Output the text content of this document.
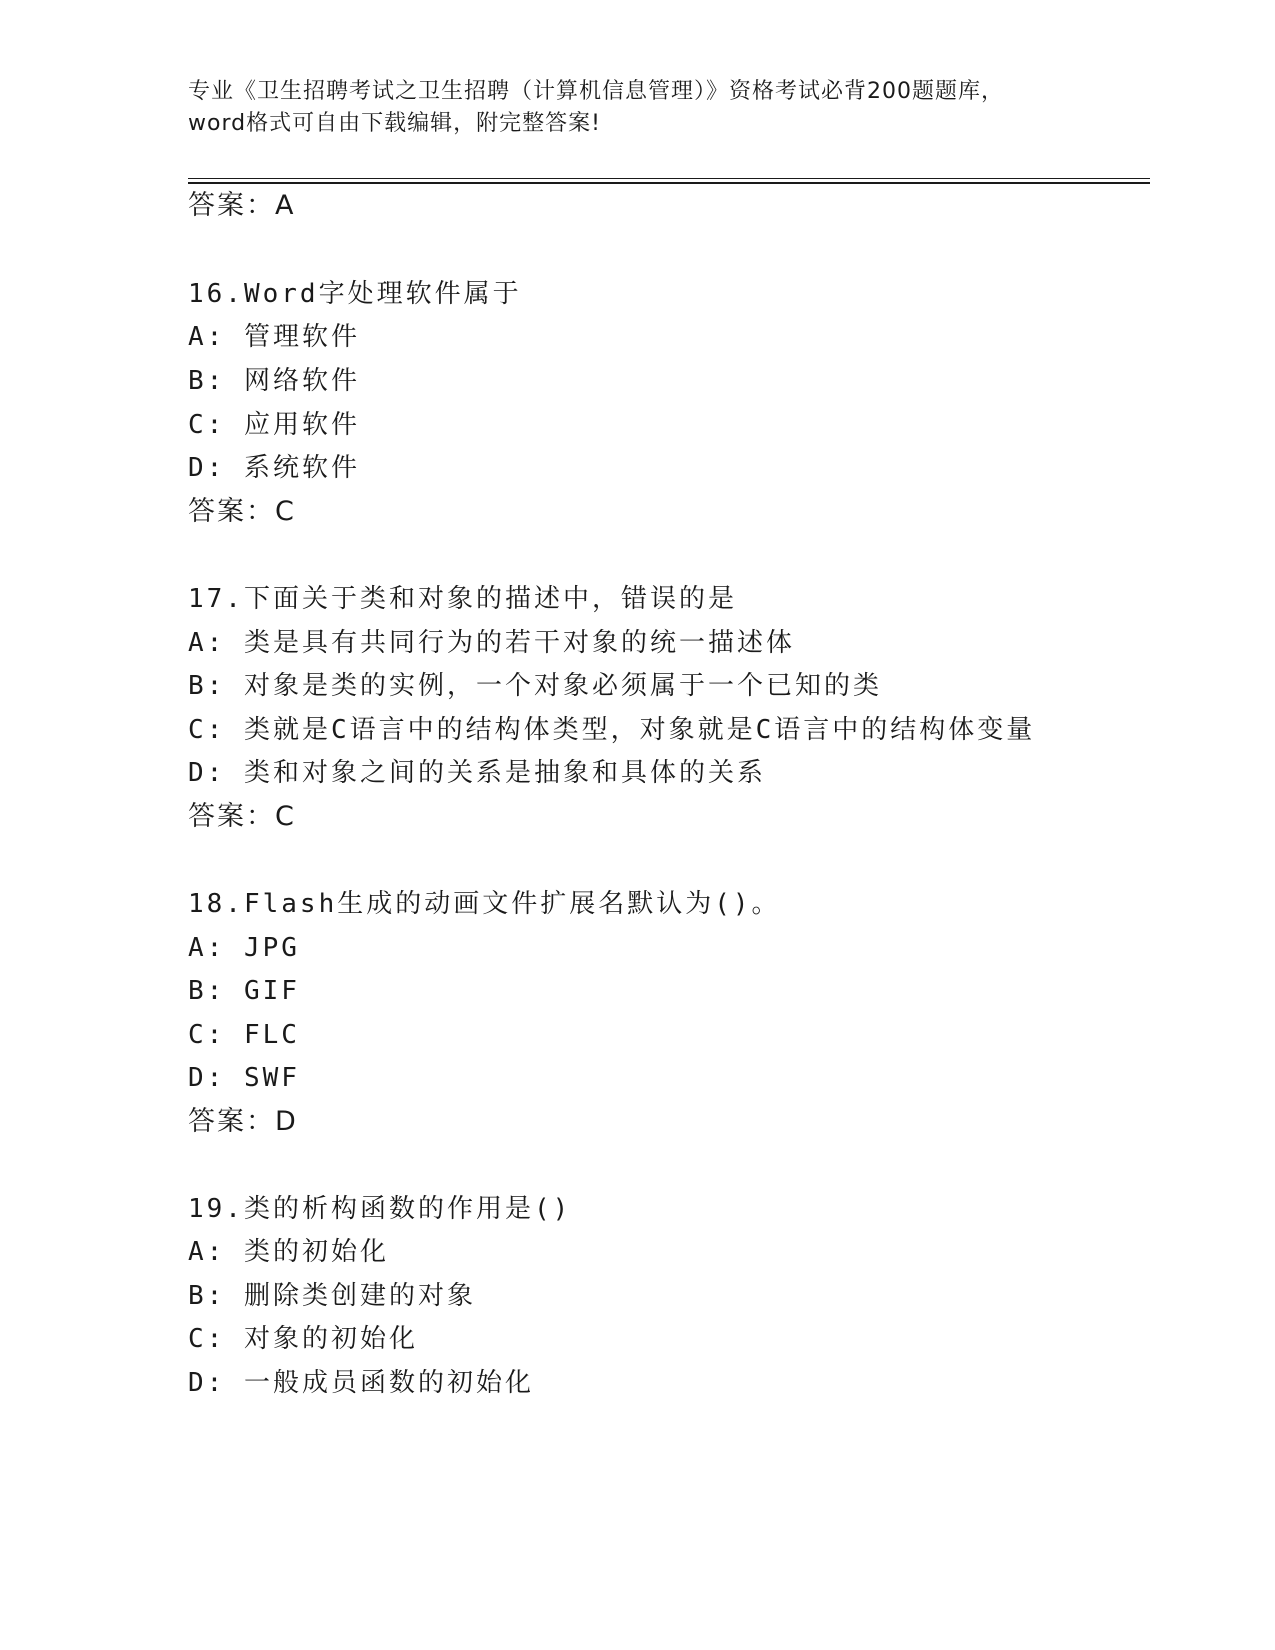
专业《卫生招聘考试之卫生招聘（计算机信息管理）》资格考试必背200题题库，
word格式可自由下载编辑，附完整答案!
答案：A
16.Word字处理软件属于
A: 管理软件
B: 网络软件
C: 应用软件
D: 系统软件
答案：C
17.下面关于类和对象的描述中，错误的是
A: 类是具有共同行为的若干对象的统一描述体
B: 对象是类的实例，一个对象必须属于一个已知的类
C: 类就是C语言中的结构体类型，对象就是C语言中的结构体变量
D: 类和对象之间的关系是抽象和具体的关系
答案：C
18.Flash生成的动画文件扩展名默认为()。
A: JPG
B: GIF
C: FLC
D: SWF
答案：D
19.类的析构函数的作用是()
A: 类的初始化
B: 删除类创建的对象
C: 对象的初始化
D: 一般成员函数的初始化
